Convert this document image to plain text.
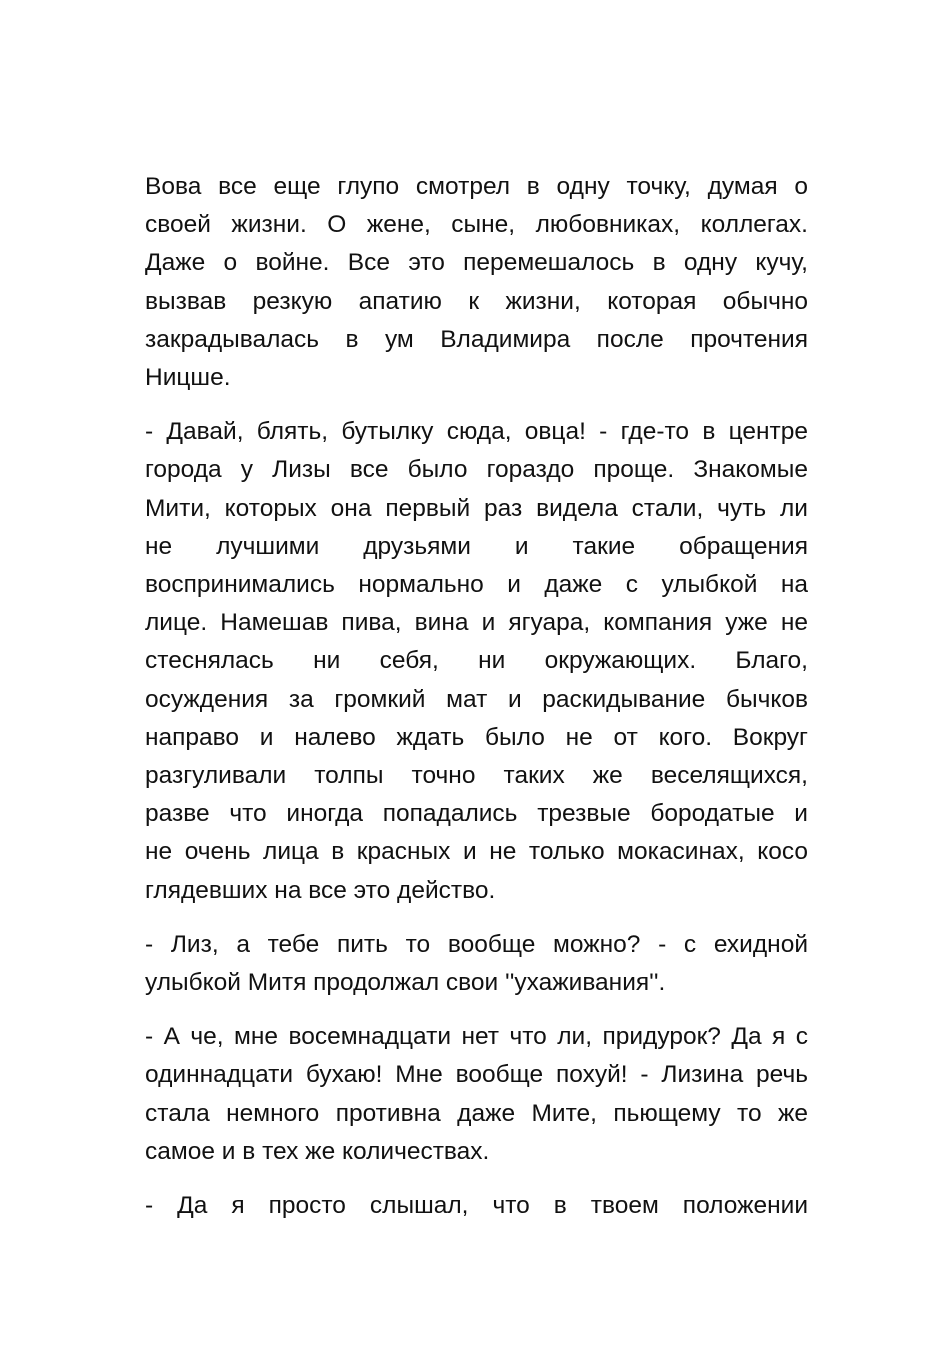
Вова все еще глупо смотрел в одну точку, думая о
своей жизни. О жене, сыне, любовниках, коллегах.
Даже о войне. Все это перемешалось в одну кучу,
вызвав резкую апатию к жизни, которая обычно
закрадывалась в ум Владимира после прочтения
Ницше.
- Давай, блять, бутылку сюда, овца! - где-то в центре
города у Лизы все было гораздо проще. Знакомые
Мити, которых она первый раз видела стали, чуть ли
не лучшими друзьями и такие обращения
воспринимались нормально и даже с улыбкой на
лице. Намешав пива, вина и ягуара, компания уже не
стеснялась ни себя, ни окружающих. Благо,
осуждения за громкий мат и раскидывание бычков
направо и налево ждать было не от кого. Вокруг
разгуливали толпы точно таких же веселящихся,
разве что иногда попадались трезвые бородатые и
не очень лица в красных и не только мокасинах, косо
глядевших на все это действо.
- Лиз, а тебе пить то вообще можно? - с ехидной
улыбкой Митя продолжал свои ''ухаживания''.
- А че, мне восемнадцати нет что ли, придурок? Да я с
одиннадцати бухаю! Мне вообще похуй! - Лизина речь
стала немного противна даже Мите, пьющему то же
самое и в тех же количествах.
- Да я просто слышал, что в твоем положении
